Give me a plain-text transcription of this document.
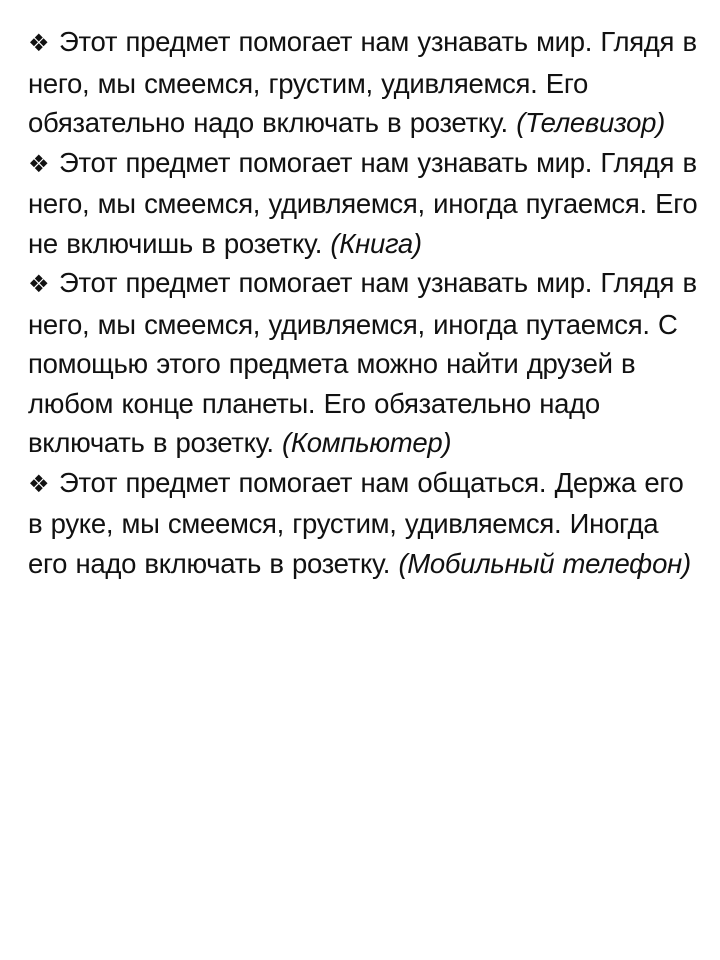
❖ Этот предмет помогает нам узнавать мир. Глядя в него, мы смеемся, грустим, удивляемся. Его обязательно надо включать в розетку. (Телевизор)

❖ Этот предмет помогает нам узнавать мир. Глядя в него, мы смеемся, удивляемся, иногда пугаемся. Его не включишь в розетку. (Книга)

❖ Этот предмет помогает нам узнавать мир. Глядя в него, мы смеемся, удивляемся, иногда путаемся. С помощью этого предмета можно найти друзей в любом конце планеты. Его обязательно надо включать в розетку. (Компьютер)

❖ Этот предмет помогает нам общаться. Держа его в руке, мы смеемся, грустим, удивляемся. Иногда его надо включать в розетку. (Мобильный телефон)
